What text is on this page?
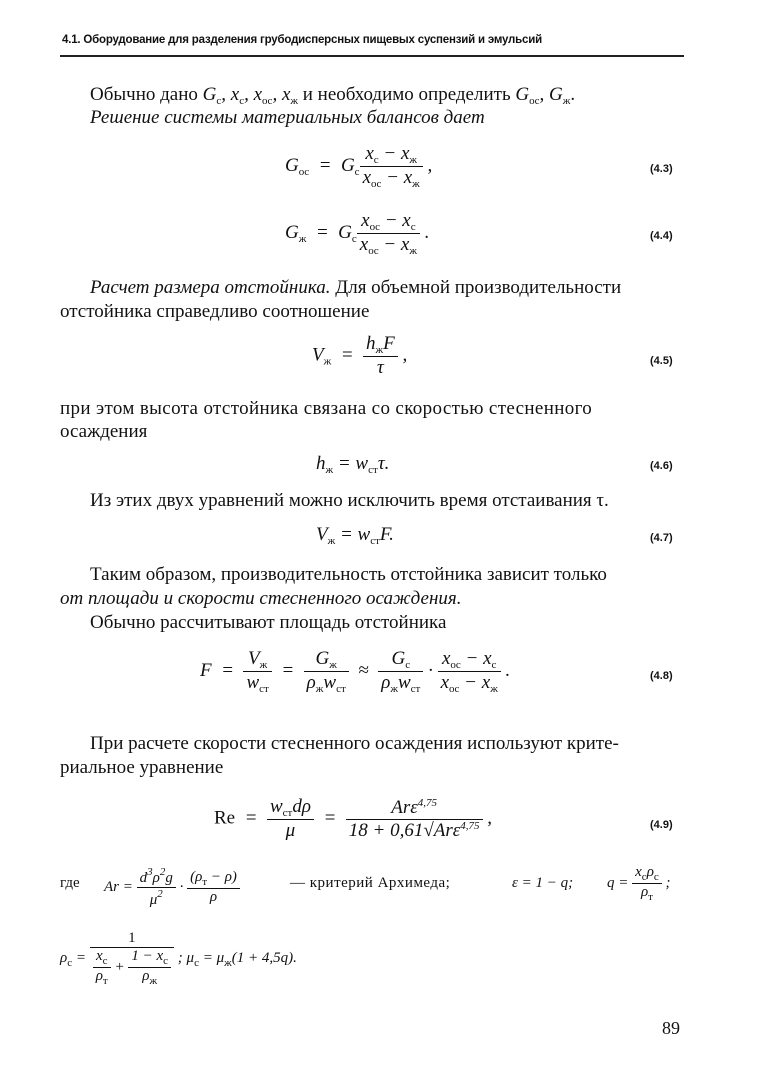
4.1. Оборудование для разделения грубодисперсных пищевых суспензий и эмульсий
Обычно дано $G_c$, $x_c$, $x_{oc}$, $x_ж$ и необходимо определить $G_{oc}$, $G_ж$.
Решение системы материальных балансов дает
$G_{oc} = G_c \frac{x_c - x_ж}{x_{oc} - x_ж}$ ,	(4.3)
$G_ж = G_c \frac{x_{oc} - x_c}{x_{oc} - x_ж}$ .	(4.4)
Расчет размера отстойника. Для объемной производительности
отстойника справедливо соотношение
$V_ж = \frac{h_жF}{\tau}$ ,	(4.5)
при этом высота отстойника связана со скоростью стесненного
осаждения
$h_ж = w_{cт}\tau$.	(4.6)
Из этих двух уравнений можно исключить время отстаивания τ.
$V_ж = w_{cт}F$.	(4.7)
Таким образом, производительность отстойника зависит только
от площади и скорости стесненного осаждения.
Обычно рассчитывают площадь отстойника
$F = \frac{V_ж}{w_{cт}} = \frac{G_ж}{\rho_жw_{cт}} \approx \frac{G_c}{\rho_жw_{cт}} \cdot \frac{x_{oc} - x_c}{x_{oc} - x_ж}$ .	(4.8)
При расчете скорости стесненного осаждения используют крите-
риальное уравнение
$Re = \frac{w_{cт}d\rho}{\mu} = \frac{Ar\varepsilon^{4,75}}{18 + 0,61√Ar\varepsilon^{4,75}}$ ,	(4.9)
где $Ar = \frac{d^3\rho^2g}{\mu^2} \cdot \frac{(\rho_т - \rho)}{\rho}$	— критерий Архимеда;	ε = 1 − q; $q = \frac{x_c\rho_c}{\rho_т}$ ;
$\rho_c = \frac{1}{\frac{x_c}{\rho_т} + \frac{1 - x_c}{\rho_ж}}$ ; $\mu_c = \mu_ж(1 + 4,5q)$.
89
